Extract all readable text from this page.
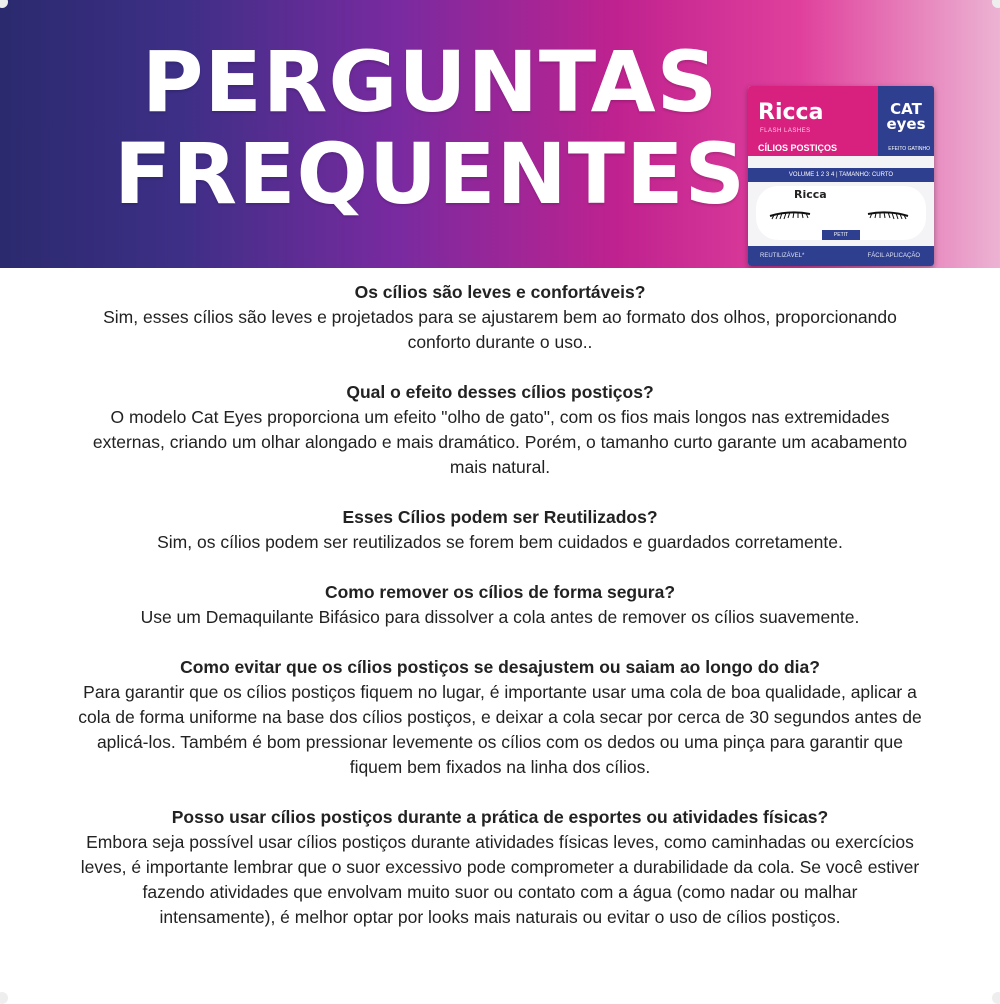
PERGUNTAS
FREQUENTES
Ricca
FLASH LASHES
CÍLIOS POSTIÇOS
CAT
eyes
EFEITO GATINHO
VOLUME 1 2 3 4 | TAMANHO: CURTO
Ricca
PETIT
REUTILIZÁVEL*	FÁCIL APLICAÇÃO
Os cílios são leves e confortáveis?
Sim, esses cílios são leves e projetados para se ajustarem bem ao formato dos olhos, proporcionando
conforto durante o uso..
Qual o efeito desses cílios postiços?
O modelo Cat Eyes proporciona um efeito "olho de gato", com os fios mais longos nas extremidades
externas, criando um olhar alongado e mais dramático. Porém, o tamanho curto garante um acabamento
mais natural.
Esses Cílios podem ser Reutilizados?
Sim, os cílios podem ser reutilizados se forem bem cuidados e guardados corretamente.
Como remover os cílios de forma segura?
Use um Demaquilante Bifásico para dissolver a cola antes de remover os cílios suavemente.
Como evitar que os cílios postiços se desajustem ou saiam ao longo do dia?
Para garantir que os cílios postiços fiquem no lugar, é importante usar uma cola de boa qualidade, aplicar a
cola de forma uniforme na base dos cílios postiços, e deixar a cola secar por cerca de 30 segundos antes de
aplicá-los. Também é bom pressionar levemente os cílios com os dedos ou uma pinça para garantir que
fiquem bem fixados na linha dos cílios.
Posso usar cílios postiços durante a prática de esportes ou atividades físicas?
Embora seja possível usar cílios postiços durante atividades físicas leves, como caminhadas ou exercícios
leves, é importante lembrar que o suor excessivo pode comprometer a durabilidade da cola. Se você estiver
fazendo atividades que envolvam muito suor ou contato com a água (como nadar ou malhar
intensamente), é melhor optar por looks mais naturais ou evitar o uso de cílios postiços.
